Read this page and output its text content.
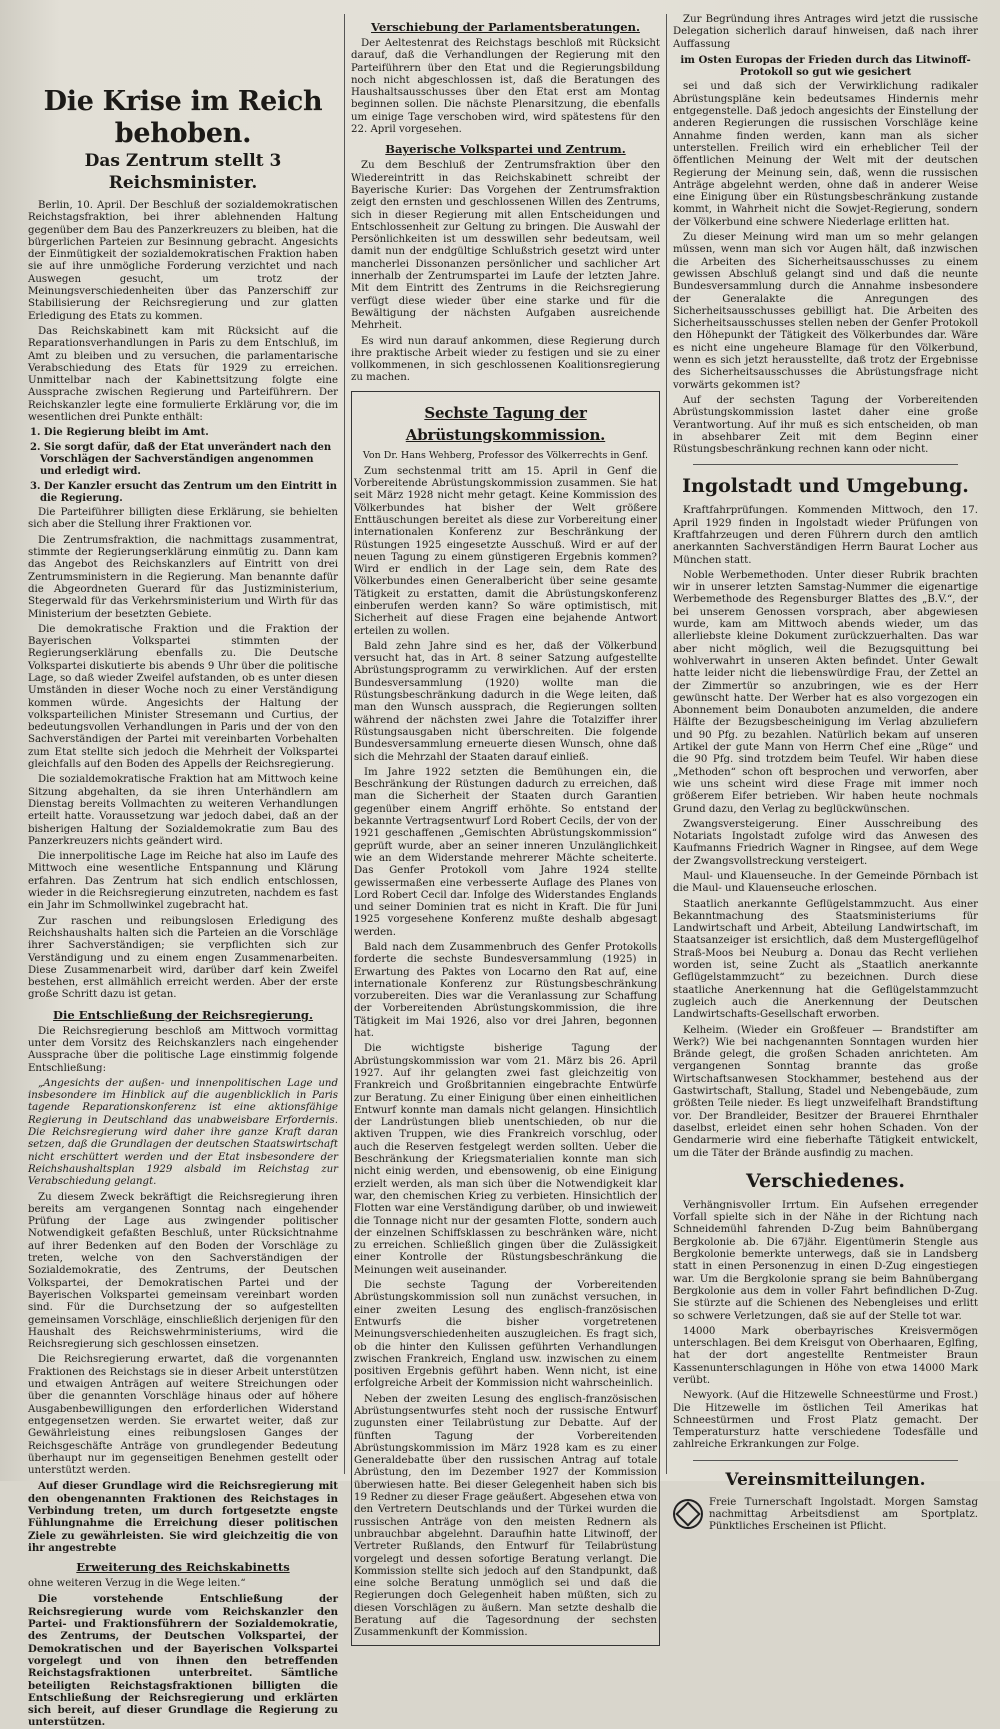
Die Krise im Reich behoben.
Das Zentrum stellt 3 Reichsminister.

Berlin, 10. April. Der Beschluß der sozialdemokratischen Reichstagsfraktion, bei ihrer ablehnenden Haltung gegenüber dem Bau des Panzerkreuzers zu bleiben, hat die bürgerlichen Parteien zur Besinnung gebracht. Angesichts der Einmütigkeit der sozialdemokratischen Fraktion haben sie auf ihre unmögliche Forderung verzichtet und nach Auswegen gesucht, um trotz der Meinungsverschiedenheiten über das Panzerschiff zur Stabilisierung der Reichsregierung und zur glatten Erledigung des Etats zu kommen.

Das Reichskabinett kam mit Rücksicht auf die Reparationsverhandlungen in Paris zu dem Entschluß, im Amt zu bleiben und zu versuchen, die parlamentarische Verabschiedung des Etats für 1929 zu erreichen. Unmittelbar nach der Kabinettsitzung folgte eine Aussprache zwischen Regierung und Parteiführern. Der Reichskanzler legte eine formulierte Erklärung vor, die im wesentlichen drei Punkte enthält:

1. Die Regierung bleibt im Amt.
2. Sie sorgt dafür, daß der Etat unverändert nach den Vorschlägen der Sachverständigen angenommen und erledigt wird.
3. Der Kanzler ersucht das Zentrum um den Eintritt in die Regierung.

Die Parteiführer billigten diese Erklärung, sie behielten sich aber die Stellung ihrer Fraktionen vor.

Die Zentrumsfraktion, die nachmittags zusammentrat, stimmte der Regierungserklärung einmütig zu. Dann kam das Angebot des Reichskanzlers auf Eintritt von drei Zentrumsministern in die Regierung. Man benannte dafür die Abgeordneten Guerard für das Justizministerium, Stegerwald für das Verkehrsministerium und Wirth für das Ministerium der besetzten Gebiete.

Die demokratische Fraktion und die Fraktion der Bayerischen Volkspartei stimmten der Regierungserklärung ebenfalls zu. Die Deutsche Volkspartei diskutierte bis abends 9 Uhr über die politische Lage, so daß wieder Zweifel aufstanden, ob es unter diesen Umständen in dieser Woche noch zu einer Verständigung kommen würde. Angesichts der Haltung der volksparteilichen Minister Stresemann und Curtius, der bedeutungsvollen Verhandlungen in Paris und der von den Sachverständigen der Partei mit vereinbarten Vorbehalten zum Etat stellte sich jedoch die Mehrheit der Volkspartei gleichfalls auf den Boden des Appells der Reichsregierung.

Die sozialdemokratische Fraktion hat am Mittwoch keine Sitzung abgehalten, da sie ihren Unterhändlern am Dienstag bereits Vollmachten zu weiteren Verhandlungen erteilt hatte. Voraussetzung war jedoch dabei, daß an der bisherigen Haltung der Sozialdemokratie zum Bau des Panzerkreuzers nichts geändert wird.

Die innerpolitische Lage im Reiche hat also im Laufe des Mittwoch eine wesentliche Entspannung und Klärung erfahren. Das Zentrum hat sich endlich entschlossen, wieder in die Reichsregierung einzutreten, nachdem es fast ein Jahr im Schmollwinkel zugebracht hat.

Zur raschen und reibungslosen Erledigung des Reichshaushalts halten sich die Parteien an die Vorschläge ihrer Sachverständigen; sie verpflichten sich zur Verständigung und zu einem engen Zusammenarbeiten. Diese Zusammenarbeit wird, darüber darf kein Zweifel bestehen, erst allmählich erreicht werden. Aber der erste große Schritt dazu ist getan.

Die Entschließung der Reichsregierung.

Die Reichsregierung beschloß am Mittwoch vormittag unter dem Vorsitz des Reichskanzlers nach eingehender Aussprache über die politische Lage einstimmig folgende Entschließung:

„Angesichts der außen- und innenpolitischen Lage und insbesondere im Hinblick auf die augenblicklich in Paris tagende Reparationskonferenz ist eine aktionsfähige Regierung in Deutschland das unabweisbare Erfordernis. Die Reichsregierung wird daher ihre ganze Kraft daran setzen, daß die Grundlagen der deutschen Staatswirtschaft nicht erschüttert werden und der Etat insbesondere der Reichshaushaltsplan 1929 alsbald im Reichstag zur Verabschiedung gelangt.

Zu diesem Zweck bekräftigt die Reichsregierung ihren bereits am vergangenen Sonntag nach eingehender Prüfung der Lage aus zwingender politischer Notwendigkeit gefaßten Beschluß, unter Rücksichtnahme auf ihrer Bedenken auf den Boden der Vorschläge zu treten, welche von den Sachverständigen der Sozialdemokratie, des Zentrums, der Deutschen Volkspartei, der Demokratischen Partei und der Bayerischen Volkspartei gemeinsam vereinbart worden sind. Für die Durchsetzung der so aufgestellten gemeinsamen Vorschläge, einschließlich derjenigen für den Haushalt des Reichswehrministeriums, wird die Reichsregierung sich geschlossen einsetzen.

Die Reichsregierung erwartet, daß die vorgenannten Fraktionen des Reichstags sie in dieser Arbeit unterstützen und etwaigen Anträgen auf weitere Streichungen oder über die genannten Vorschläge hinaus oder auf höhere Ausgabenbewilligungen den erforderlichen Widerstand entgegensetzen werden. Sie erwartet weiter, daß zur Gewährleistung eines reibungslosen Ganges der Reichsgeschäfte Anträge von grundlegender Bedeutung überhaupt nur im gegenseitigen Benehmen gestellt oder unterstützt werden.

Auf dieser Grundlage wird die Reichsregierung mit den obengenannten Fraktionen des Reichstages in Verbindung treten, um durch fortgesetzte engste Fühlungnahme die Erreichung dieser politischen Ziele zu gewährleisten. Sie wird gleichzeitig die von ihr angestrebte

Erweiterung des Reichskabinetts

ohne weiteren Verzug in die Wege leiten.“

Die vorstehende Entschließung der Reichsregierung wurde vom Reichskanzler den Partei- und Fraktionsführern der Sozialdemokratie, des Zentrums, der Deutschen Volkspartei, der Demokratischen und der Bayerischen Volkspartei vorgelegt und von ihnen den betreffenden Reichstagsfraktionen unterbreitet. Sämtliche beteiligten Reichstagsfraktionen billigten die Entschließung der Reichsregierung und erklärten sich bereit, auf dieser Grundlage die Regierung zu unterstützen.

Verschiebung der Parlamentsberatungen.

Der Aeltestenrat des Reichstags beschloß mit Rücksicht darauf, daß die Verhandlungen der Regierung mit den Parteiführern über den Etat und die Regierungsbildung noch nicht abgeschlossen ist, daß die Beratungen des Haushaltsausschusses über den Etat erst am Montag beginnen sollen. Die nächste Plenarsitzung, die ebenfalls um einige Tage verschoben wird, wird spätestens für den 22. April vorgesehen.

Bayerische Volkspartei und Zentrum.

Zu dem Beschluß der Zentrumsfraktion über den Wiedereintritt in das Reichskabinett schreibt der Bayerische Kurier: Das Vorgehen der Zentrumsfraktion zeigt den ernsten und geschlossenen Willen des Zentrums, sich in dieser Regierung mit allen Entscheidungen und Entschlossenheit zur Geltung zu bringen. Die Auswahl der Persönlichkeiten ist um desswillen sehr bedeutsam, weil damit nun der endgültige Schlußstrich gesetzt wird unter mancherlei Dissonanzen persönlicher und sachlicher Art innerhalb der Zentrumspartei im Laufe der letzten Jahre. Mit dem Eintritt des Zentrums in die Reichsregierung verfügt diese wieder über eine starke und für die Bewältigung der nächsten Aufgaben ausreichende Mehrheit.

Es wird nun darauf ankommen, diese Regierung durch ihre praktische Arbeit wieder zu festigen und sie zu einer vollkommenen, in sich geschlossenen Koalitionsregierung zu machen.

Sechste Tagung der Abrüstungskommission.
Von Dr. Hans Wehberg, Professor des Völkerrechts in Genf.

Zum sechstenmal tritt am 15. April in Genf die Vorbereitende Abrüstungskommission zusammen. Sie hat seit März 1928 nicht mehr getagt. Keine Kommission des Völkerbundes hat bisher der Welt größere Enttäuschungen bereitet als diese zur Vorbereitung einer internationalen Konferenz zur Beschränkung der Rüstungen 1925 eingesetzte Ausschuß. Wird er auf der neuen Tagung zu einem günstigeren Ergebnis kommen? Wird er endlich in der Lage sein, dem Rate des Völkerbundes einen Generalbericht über seine gesamte Tätigkeit zu erstatten, damit die Abrüstungskonferenz einberufen werden kann? So wäre optimistisch, mit Sicherheit auf diese Fragen eine bejahende Antwort erteilen zu wollen.

Bald zehn Jahre sind es her, daß der Völkerbund versucht hat, das in Art. 8 seiner Satzung aufgestellte Abrüstungsprogramm zu verwirklichen. Auf der ersten Bundesversammlung (1920) wollte man die Rüstungsbeschränkung dadurch in die Wege leiten, daß man den Wunsch aussprach, die Regierungen sollten während der nächsten zwei Jahre die Totalziffer ihrer Rüstungsausgaben nicht überschreiten. Die folgende Bundesversammlung erneuerte diesen Wunsch, ohne daß sich die Mehrzahl der Staaten darauf einließ.

Im Jahre 1922 setzten die Bemühungen ein, die Beschränkung der Rüstungen dadurch zu erreichen, daß man die Sicherheit der Staaten durch Garantien gegenüber einem Angriff erhöhte. So entstand der bekannte Vertragsentwurf Lord Robert Cecils, der von der 1921 geschaffenen „Gemischten Abrüstungskommission“ geprüft wurde, aber an seiner inneren Unzulänglichkeit wie an dem Widerstande mehrerer Mächte scheiterte. Das Genfer Protokoll vom Jahre 1924 stellte gewissermaßen eine verbesserte Auflage des Planes von Lord Robert Cecil dar. Infolge des Widerstandes Englands und seiner Dominien trat es nicht in Kraft. Die für Juni 1925 vorgesehene Konferenz mußte deshalb abgesagt werden.

Bald nach dem Zusammenbruch des Genfer Protokolls forderte die sechste Bundesversammlung (1925) in Erwartung des Paktes von Locarno den Rat auf, eine internationale Konferenz zur Rüstungsbeschränkung vorzubereiten. Dies war die Veranlassung zur Schaffung der Vorbereitenden Abrüstungskommission, die ihre Tätigkeit im Mai 1926, also vor drei Jahren, begonnen hat.

Die wichtigste bisherige Tagung der Abrüstungskommission war vom 21. März bis 26. April 1927. Auf ihr gelangten zwei fast gleichzeitig von Frankreich und Großbritannien eingebrachte Entwürfe zur Beratung. Zu einer Einigung über einen einheitlichen Entwurf konnte man damals nicht gelangen. Hinsichtlich der Landrüstungen blieb unentschieden, ob nur die aktiven Truppen, wie dies Frankreich vorschlug, oder auch die Reserven festgelegt werden sollten. Ueber die Beschränkung der Kriegsmaterialien konnte man sich nicht einig werden, und ebensowenig, ob eine Einigung erzielt werden, als man sich über die Notwendigkeit klar war, den chemischen Krieg zu verbieten. Hinsichtlich der Flotten war eine Verständigung darüber, ob und inwieweit die Tonnage nicht nur der gesamten Flotte, sondern auch der einzelnen Schiffsklassen zu beschränken wäre, nicht zu erreichen. Schließlich gingen über die Zulässigkeit einer Kontrolle der Rüstungsbeschränkung die Meinungen weit auseinander.

Die sechste Tagung der Vorbereitenden Abrüstungskommission soll nun zunächst versuchen, in einer zweiten Lesung des englisch-französischen Entwurfs die bisher vorgetretenen Meinungsverschiedenheiten auszugleichen. Es fragt sich, ob die hinter den Kulissen geführten Verhandlungen zwischen Frankreich, England usw. inzwischen zu einem positiven Ergebnis geführt haben. Wenn nicht, ist eine erfolgreiche Arbeit der Kommission nicht wahrscheinlich.

Neben der zweiten Lesung des englisch-französischen Abrüstungsentwurfes steht noch der russische Entwurf zugunsten einer Teilabrüstung zur Debatte. Auf der fünften Tagung der Vorbereitenden Abrüstungskommission im März 1928 kam es zu einer Generaldebatte über den russischen Antrag auf totale Abrüstung, den im Dezember 1927 der Kommission überwiesen hatte. Bei dieser Gelegenheit haben sich bis 19 Redner zu dieser Frage geäußert. Abgesehen etwa von den Vertretern Deutschlands und der Türkei wurden die russischen Anträge von den meisten Rednern als unbrauchbar abgelehnt. Daraufhin hatte Litwinoff, der Vertreter Rußlands, den Entwurf für Teilabrüstung vorgelegt und dessen sofortige Beratung verlangt. Die Kommission stellte sich jedoch auf den Standpunkt, daß eine solche Beratung unmöglich sei und daß die Regierungen doch Gelegenheit haben müßten, sich zu diesen Vorschlägen zu äußern. Man setzte deshalb die Beratung auf die Tagesordnung der sechsten Zusammenkunft der Kommission.

Zur Begründung ihres Antrages wird jetzt die russische Delegation sicherlich darauf hinweisen, daß nach ihrer Auffassung

im Osten Europas der Frieden durch das Litwinoff-Protokoll so gut wie gesichert

sei und daß sich der Verwirklichung radikaler Abrüstungspläne kein bedeutsames Hindernis mehr entgegenstelle. Daß jedoch angesichts der Einstellung der anderen Regierungen die russischen Vorschläge keine Annahme finden werden, kann man als sicher unterstellen. Freilich wird ein erheblicher Teil der öffentlichen Meinung der Welt mit der deutschen Regierung der Meinung sein, daß, wenn die russischen Anträge abgelehnt werden, ohne daß in anderer Weise eine Einigung über ein Rüstungsbeschränkung zustande kommt, in Wahrheit nicht die Sowjet-Regierung, sondern der Völkerbund eine schwere Niederlage erlitten hat.

Zu dieser Meinung wird man um so mehr gelangen müssen, wenn man sich vor Augen hält, daß inzwischen die Arbeiten des Sicherheitsausschusses zu einem gewissen Abschluß gelangt sind und daß die neunte Bundesversammlung durch die Annahme insbesondere der Generalakte die Anregungen des Sicherheitsausschusses gebilligt hat. Die Arbeiten des Sicherheitsausschusses stellen neben der Genfer Protokoll den Höhepunkt der Tätigkeit des Völkerbundes dar. Wäre es nicht eine ungeheure Blamage für den Völkerbund, wenn es sich jetzt herausstellte, daß trotz der Ergebnisse des Sicherheitsausschusses die Abrüstungsfrage nicht vorwärts gekommen ist?

Auf der sechsten Tagung der Vorbereitenden Abrüstungskommission lastet daher eine große Verantwortung. Auf ihr muß es sich entscheiden, ob man in absehbarer Zeit mit dem Beginn einer Rüstungsbeschränkung rechnen kann oder nicht.

Ingolstadt und Umgebung.

Kraftfahrprüfungen. Kommenden Mittwoch, den 17. April 1929 finden in Ingolstadt wieder Prüfungen von Kraftfahrzeugen und deren Führern durch den amtlich anerkannten Sachverständigen Herrn Baurat Locher aus München statt.

Noble Werbemethoden. Unter dieser Rubrik brachten wir in unserer letzten Samstag-Nummer die eigenartige Werbemethode des Regensburger Blattes des „B.V.“, der bei unserem Genossen vorsprach, aber abgewiesen wurde, kam am Mittwoch abends wieder, um das allerliebste kleine Dokument zurückzuerhalten. Das war aber nicht möglich, weil die Bezugsquittung bei wohlverwahrt in unseren Akten befindet. Unter Gewalt hatte leider nicht die liebenswürdige Frau, der Zettel an der Zimmertür so anzubringen, wie es der Herr gewünscht hatte. Der Werber hat es also vorgezogen ein Abonnement beim Donauboten anzumelden, die andere Hälfte der Bezugsbescheinigung im Verlag abzuliefern und 90 Pfg. zu bezahlen. Natürlich bekam auf unseren Artikel der gute Mann von Herrn Chef eine „Rüge“ und die 90 Pfg. sind trotzdem beim Teufel. Wir haben diese „Methoden“ schon oft besprochen und verworfen, aber wie uns scheint wird diese Frage mit immer noch größerem Eifer betrieben. Wir haben heute nochmals Grund dazu, den Verlag zu beglückwünschen.

Zwangsversteigerung. Einer Ausschreibung des Notariats Ingolstadt zufolge wird das Anwesen des Kaufmanns Friedrich Wagner in Ringsee, auf dem Wege der Zwangsvollstreckung versteigert.

Maul- und Klauenseuche. In der Gemeinde Pörnbach ist die Maul- und Klauenseuche erloschen.

Staatlich anerkannte Geflügelstammzucht. Aus einer Bekanntmachung des Staatsministeriums für Landwirtschaft und Arbeit, Abteilung Landwirtschaft, im Staatsanzeiger ist ersichtlich, daß dem Mustergeflügelhof Straß-Moos bei Neuburg a. Donau das Recht verliehen worden ist, seine Zucht als „Staatlich anerkannte Geflügelstammzucht“ zu bezeichnen. Durch diese staatliche Anerkennung hat die Geflügelstammzucht zugleich auch die Anerkennung der Deutschen Landwirtschafts-Gesellschaft erworben.

Kelheim. (Wieder ein Großfeuer — Brandstifter am Werk?) Wie bei nachgenannten Sonntagen wurden hier Brände gelegt, die großen Schaden anrichteten. Am vergangenen Sonntag brannte das große Wirtschaftsanwesen Stockhammer, bestehend aus der Gastwirtschaft, Stallung, Stadel und Nebengebäude, zum größten Teile nieder. Es liegt unzweifelhaft Brandstiftung vor. Der Brandleider, Besitzer der Brauerei Ehrnthaler daselbst, erleidet einen sehr hohen Schaden. Von der Gendarmerie wird eine fieberhafte Tätigkeit entwickelt, um die Täter der Brände ausfindig zu machen.

Verschiedenes.

Verhängnisvoller Irrtum. Ein Aufsehen erregender Vorfall spielte sich in der Nähe in der Richtung nach Schneidemühl fahrenden D-Zug beim Bahnübergang Bergkolonie ab. Die 67jähr. Eigentümerin Stengle aus Bergkolonie bemerkte unterwegs, daß sie in Landsberg statt in einen Personenzug in einen D-Zug eingestiegen war. Um die Bergkolonie sprang sie beim Bahnübergang Bergkolonie aus dem in voller Fahrt befindlichen D-Zug. Sie stürzte auf die Schienen des Nebengleises und erlitt so schwere Verletzungen, daß sie auf der Stelle tot war.

14000 Mark oberbayrisches Kreisvermögen unterschlagen. Bei dem Kreisgut von Oberhaaren, Eglfing, hat der dort angestellte Rentmeister Braun Kassenunterschlagungen in Höhe von etwa 14000 Mark verübt.

Newyork. (Auf die Hitzewelle Schneestürme und Frost.) Die Hitzewelle im östlichen Teil Amerikas hat Schneestürmen und Frost Platz gemacht. Der Temperatursturz hatte verschiedene Todesfälle und zahlreiche Erkrankungen zur Folge.

Vereinsmitteilungen.

Freie Turnerschaft Ingolstadt. Morgen Samstag nachmittag Arbeitsdienst am Sportplatz. Pünktliches Erscheinen ist Pflicht.
